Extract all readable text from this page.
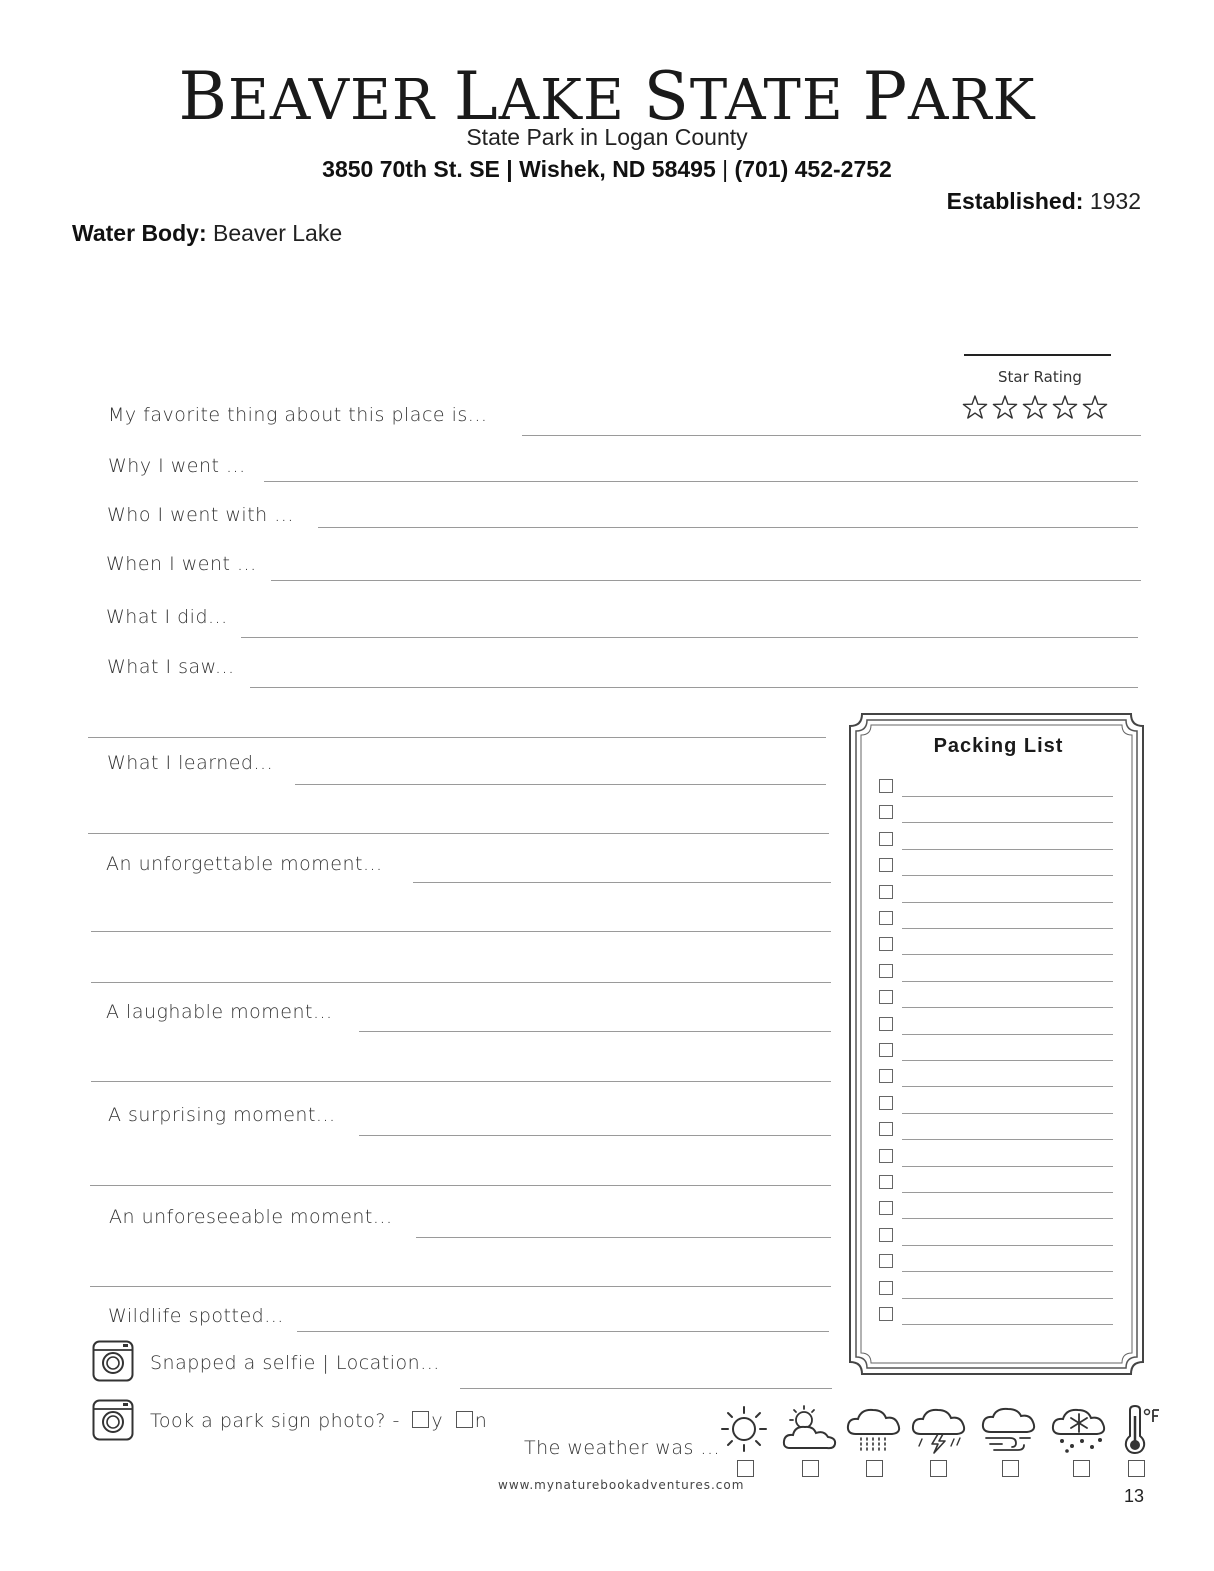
BEAVER LAKE STATE PARK
State Park in Logan County
3850 70th St. SE | Wishek, ND 58495 | (701) 452-2752
Established: 1932
Water Body: Beaver Lake
Star Rating
My favorite thing about this place is...
Why I went ...
Who I went with ...
When I went ...
What I did...
What I saw...
What I learned...
An unforgettable moment...
A laughable moment...
A surprising moment...
An unforeseeable moment...
Wildlife spotted...
Snapped a selfie | Location...
Took a park sign photo? - y n
Packing List
The weather was ...
www.mynaturebookadventures.com
13
